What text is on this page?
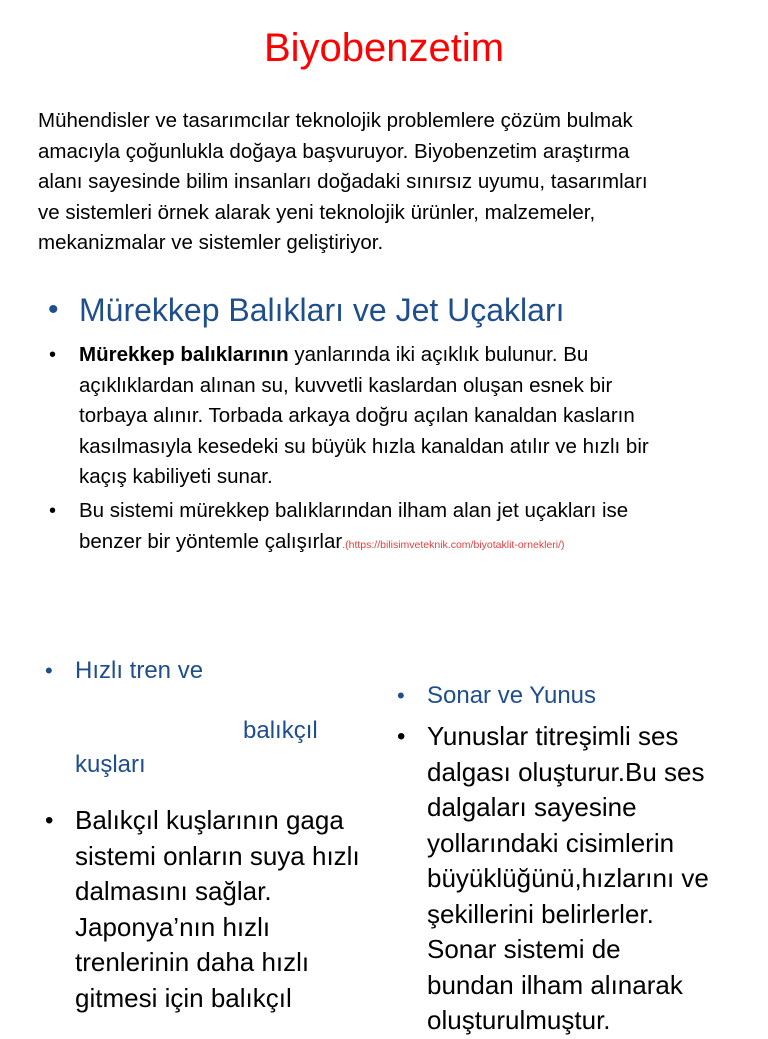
Biyobenzetim
Mühendisler ve tasarımcılar teknolojik problemlere çözüm bulmak
amacıyla çoğunlukla doğaya başvuruyor. Biyobenzetim araştırma
alanı sayesinde bilim insanları doğadaki sınırsız uyumu, tasarımları
ve sistemleri örnek alarak yeni teknolojik ürünler, malzemeler,
mekanizmalar ve sistemler geliştiriyor.
• Mürekkep Balıkları ve Jet Uçakları
• Mürekkep balıklarının yanlarında iki açıklık bulunur. Bu
açıklıklardan alınan su, kuvvetli kaslardan oluşan esnek bir
torbaya alınır. Torbada arkaya doğru açılan kanaldan kasların
kasılmasıyla kesedeki su büyük hızla kanaldan atılır ve hızlı bir
kaçış kabiliyeti sunar.
• Bu sistemi mürekkep balıklarından ilham alan jet uçakları ise
benzer bir yöntemle çalışırlar.(https://bilisimveteknik.com/biyotaklit-ornekleri/)
• Hızlı tren ve
balıkçıl
kuşları
• Balıkçıl kuşlarının gaga
sistemi onların suya hızlı
dalmasını sağlar.
Japonya’nın hızlı
trenlerinin daha hızlı
gitmesi için balıkçıl
• Sonar ve Yunus
• Yunuslar titreşimli ses
dalgası oluşturur.Bu ses
dalgaları sayesine
yollarındaki cisimlerin
büyüklüğünü,hızlarını ve
şekillerini belirlerler.
Sonar sistemi de
bundan ilham alınarak
oluşturulmuştur.
